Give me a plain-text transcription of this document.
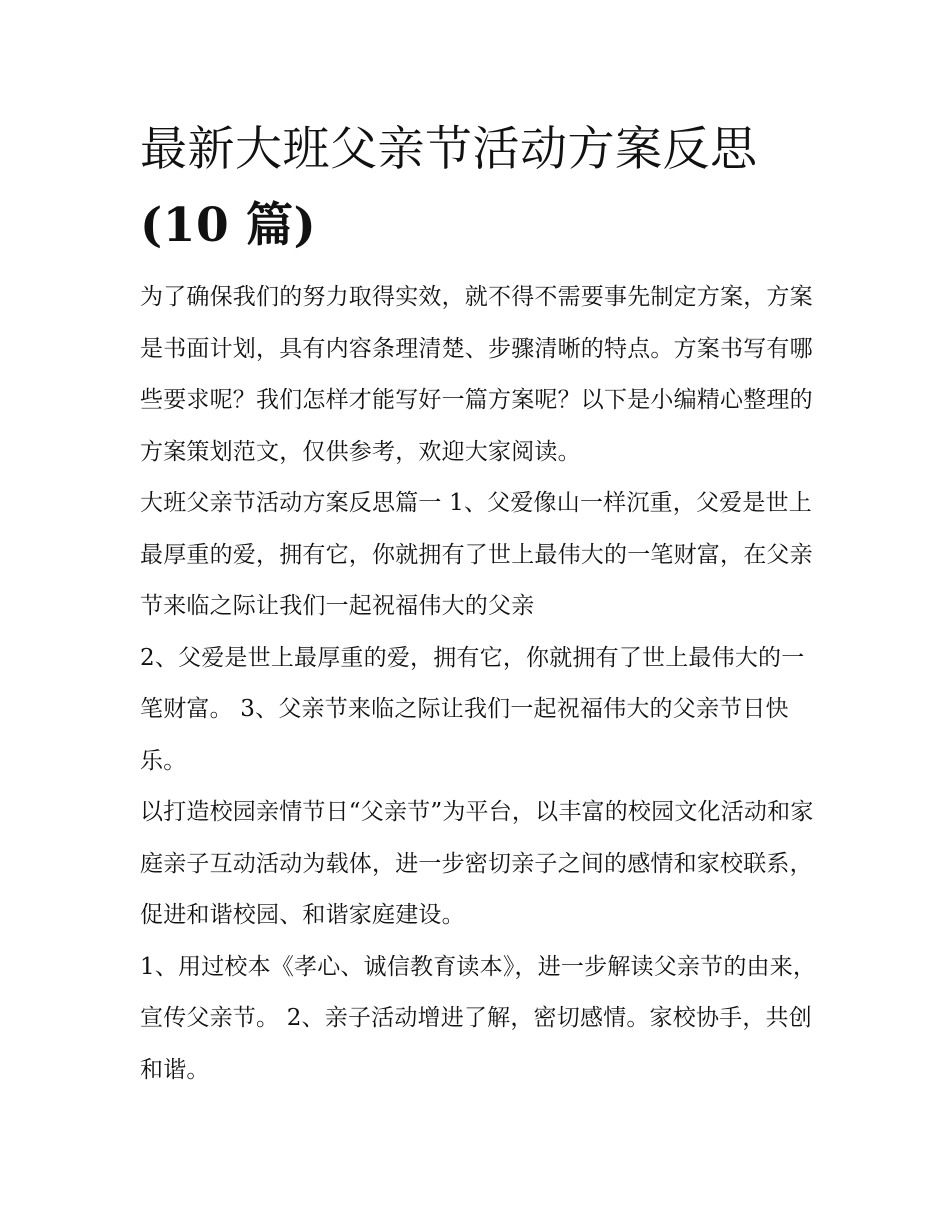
最新大班父亲节活动方案反思
(10 篇)

为了确保我们的努力取得实效，就不得不需要事先制定方案，方案是书面计划，具有内容条理清楚、步骤清晰的特点。方案书写有哪些要求呢？我们怎样才能写好一篇方案呢？以下是小编精心整理的方案策划范文，仅供参考，欢迎大家阅读。

大班父亲节活动方案反思篇一 1、父爱像山一样沉重，父爱是世上最厚重的爱，拥有它，你就拥有了世上最伟大的一笔财富，在父亲节来临之际让我们一起祝福伟大的父亲

2、父爱是世上最厚重的爱，拥有它，你就拥有了世上最伟大的一笔财富。 3、父亲节来临之际让我们一起祝福伟大的父亲节日快乐。

以打造校园亲情节日“父亲节”为平台，以丰富的校园文化活动和家庭亲子互动活动为载体，进一步密切亲子之间的感情和家校联系，促进和谐校园、和谐家庭建设。

1、用过校本《孝心、诚信教育读本》，进一步解读父亲节的由来，宣传父亲节。 2、亲子活动增进了解，密切感情。家校协手，共创和谐。
